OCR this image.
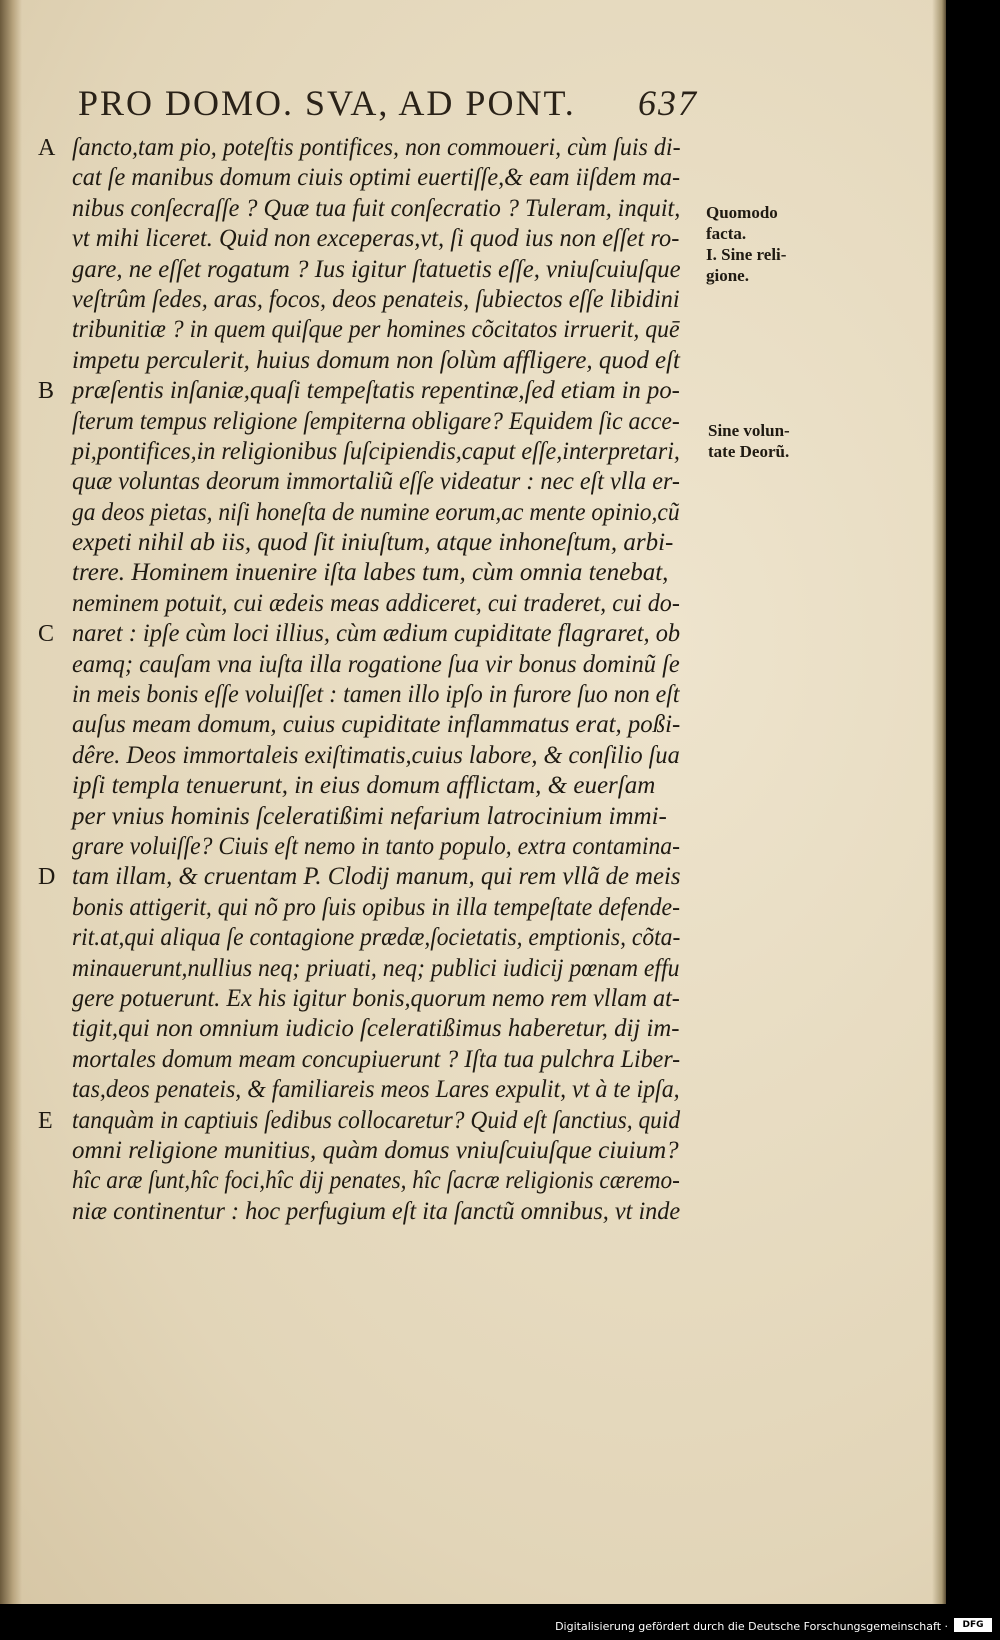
PRO DOMO. SVA, AD PONT. 637
A ſancto,tam pio, poteſtis pontifices, non commoueri, cùm ſuis di-
cat ſe manibus domum ciuis optimi euertiſſe,& eam iiſdem ma-
nibus conſecraſſe ? Quæ tua fuit conſecratio ? Tuleram, inquit,
vt mihi liceret. Quid non exceperas,vt, ſi quod ius non eſſet ro-
gare, ne eſſet rogatum ? Ius igitur ſtatuetis eſſe, vniuſcuiuſque
veſtrûm ſedes, aras, focos, deos penateis, ſubiectos eſſe libidini
tribunitiæ ? in quem quiſque per homines cõcitatos irruerit, quē
impetu perculerit, huius domum non ſolùm affligere, quod eſt
B præſentis inſaniæ,quaſi tempeſtatis repentinæ,ſed etiam in po-
ſterum tempus religione ſempiterna obligare? Equidem ſic acce-
pi,pontifices,in religionibus ſuſcipiendis,caput eſſe,interpretari,
quæ voluntas deorum immortaliũ eſſe videatur : nec eſt vlla er-
ga deos pietas, niſi honeſta de numine eorum,ac mente opinio,cũ
expeti nihil ab iis, quod ſit iniuſtum, atque inhoneſtum, arbi-
trere. Hominem inuenire iſta labes tum, cùm omnia tenebat,
neminem potuit, cui ædeis meas addiceret, cui traderet, cui do-
C naret : ipſe cùm loci illius, cùm ædium cupiditate flagraret, ob
eamq; cauſam vna iuſta illa rogatione ſua vir bonus dominũ ſe
in meis bonis eſſe voluiſſet : tamen illo ipſo in furore ſuo non eſt
auſus meam domum, cuius cupiditate inflammatus erat, poßi-
dêre. Deos immortaleis exiſtimatis,cuius labore, & conſilio ſua
ipſi templa tenuerunt, in eius domum afflictam, & euerſam
per vnius hominis ſceleratißimi nefarium latrocinium immi-
grare voluiſſe? Ciuis eſt nemo in tanto populo, extra contamina-
D tam illam, & cruentam P. Clodij manum, qui rem vllã de meis
bonis attigerit, qui nõ pro ſuis opibus in illa tempeſtate defende-
rit.at,qui aliqua ſe contagione prædæ,ſocietatis, emptionis, cõta-
minauerunt,nullius neq; priuati, neq; publici iudicij pœnam effu
gere potuerunt. Ex his igitur bonis,quorum nemo rem vllam at-
tigit,qui non omnium iudicio ſceleratißimus haberetur, dij im-
mortales domum meam concupiuerunt ? Iſta tua pulchra Liber-
tas,deos penateis, & familiareis meos Lares expulit, vt à te ipſa,
E tanquàm in captiuis ſedibus collocaretur? Quid eſt ſanctius, quid
omni religione munitius, quàm domus vniuſcuiuſque ciuium?
hîc aræ ſunt,hîc foci,hîc dij penates, hîc ſacræ religionis cæremo-
niæ continentur : hoc perfugium eſt ita ſanctũ omnibus, vt inde
Quomodo
facta.
I. Sine reli-
gione.
Sine volun-
tate Deorũ.
Digitalisierung gefördert durch die Deutsche Forschungsgemeinschaft ·	DFG
